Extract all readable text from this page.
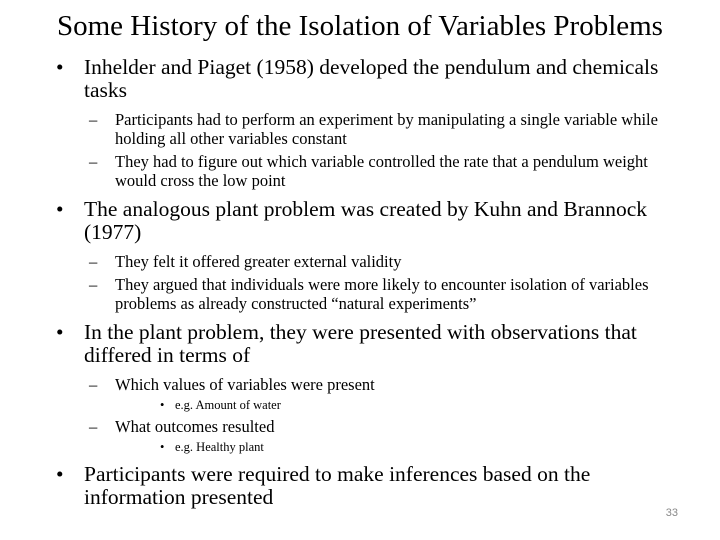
Some History of the Isolation of Variables Problems
• Inhelder and Piaget (1958) developed the pendulum and chemicals tasks
– Participants had to perform an experiment by manipulating a single variable while holding all other variables constant
– They had to figure out which variable controlled the rate that a pendulum weight would cross the low point
• The analogous plant problem was created by Kuhn and Brannock (1977)
– They felt it offered greater external validity
– They argued that individuals were more likely to encounter isolation of variables problems as already constructed “natural experiments”
• In the plant problem, they were presented with observations that differed in terms of
– Which values of variables were present
• e.g. Amount of water
– What outcomes resulted
• e.g. Healthy plant
• Participants were required to make inferences based on the information presented
33
